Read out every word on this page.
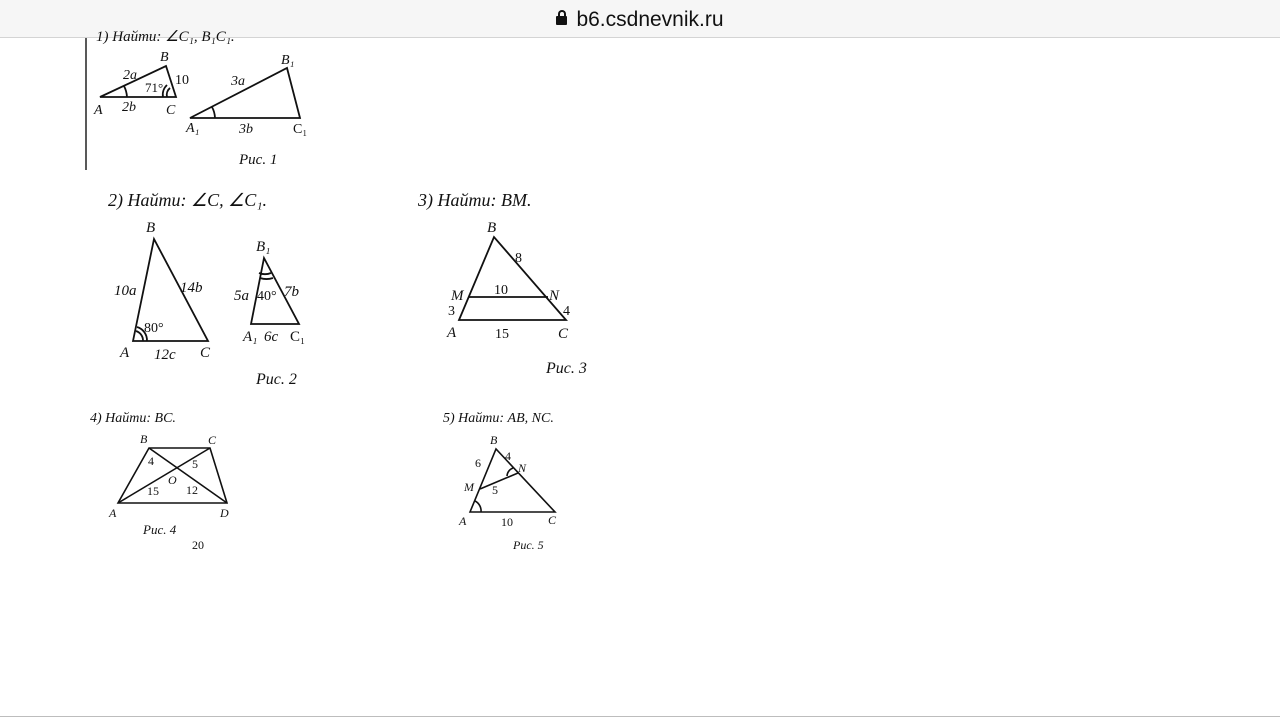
b6.csdnevnik.ru
1) Найти: ∠C₁, B₁C₁.
A
B
C
2a
2b
10
71°
A₁
B₁
C₁
3a
3b
Рис. 1
2) Найти: ∠C, ∠C₁.
B
A	C
10a	14b
12c
80°
B₁
A₁ C₁
5a 7b
6c
40°
Рис. 2
3) Найти: BM.
B
M	N
A	C
8
10
3	4
15
Рис. 3
4) Найти: BC.
B	C
A	D
O
4	5
15 12
Рис. 4
20
5) Найти: AB, NC.
B
M
N
A	C
6 4
5
10
Рис. 5
